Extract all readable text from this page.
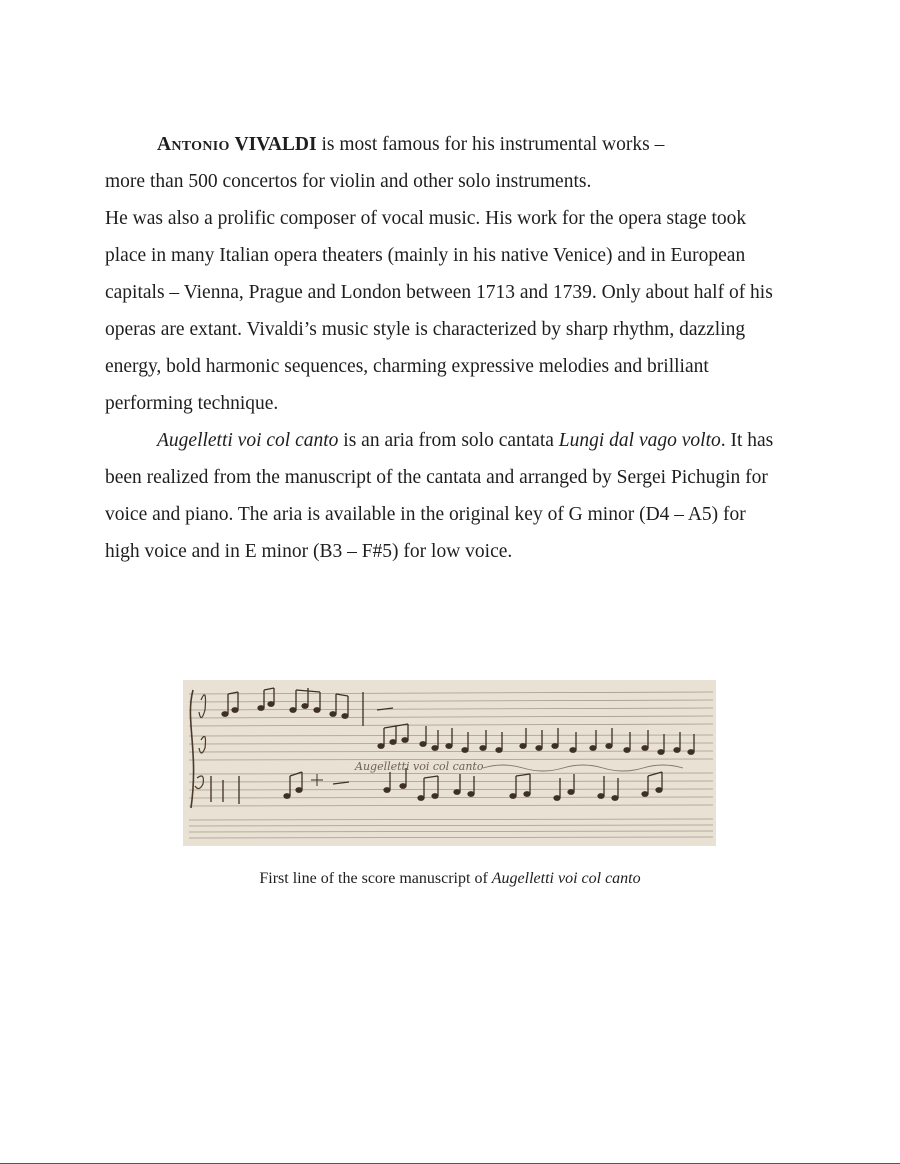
Antonio VIVALDI is most famous for his instrumental works –
more than 500 concertos for violin and other solo instruments.

He was also a prolific composer of vocal music. His work for the opera stage took place in many Italian opera theaters (mainly in his native Venice) and in European capitals – Vienna, Prague and London between 1713 and 1739. Only about half of his operas are extant. Vivaldi’s music style is characterized by sharp rhythm, dazzling energy, bold harmonic sequences, charming expressive melodies and brilliant performing technique.

Augelletti voi col canto is an aria from solo cantata Lungi dal vago volto. It has been realized from the manuscript of the cantata and arranged by Sergei Pichugin for voice and piano. The aria is available in the original key of G minor (D4 – A5) for high voice and in E minor (B3 – F#5) for low voice.

Augelletti voi col canto
First line of the score manuscript of Augelletti voi col canto
